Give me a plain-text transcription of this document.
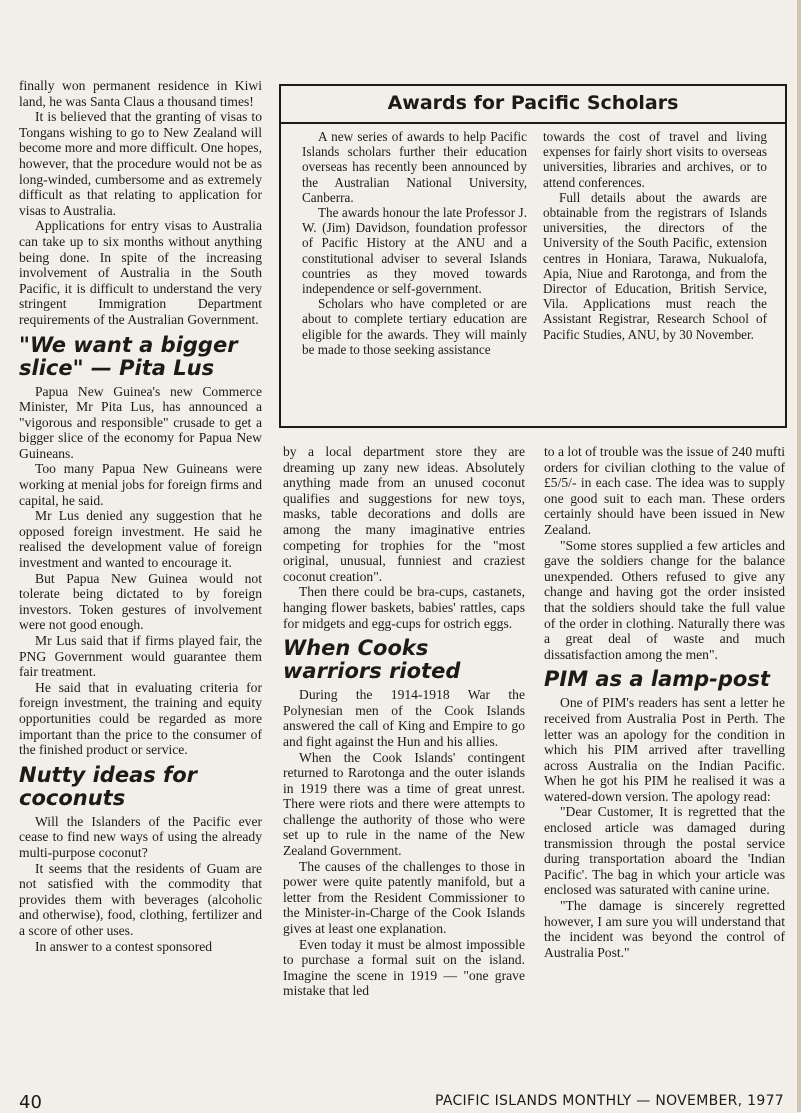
finally won permanent residence in Kiwi land, he was Santa Claus a thousand times!

It is believed that the granting of visas to Tongans wishing to go to New Zealand will become more and more difficult. One hopes, however, that the procedure would not be as long-winded, cumbersome and as extremely difficult as that relating to application for visas to Australia.

Applications for entry visas to Australia can take up to six months without anything being done. In spite of the increasing involvement of Australia in the South Pacific, it is difficult to understand the very stringent Immigration Department requirements of the Australian Government.

"We want a bigger slice" — Pita Lus

Papua New Guinea's new Commerce Minister, Mr Pita Lus, has announced a "vigorous and responsible" crusade to get a bigger slice of the economy for Papua New Guineans.

Too many Papua New Guineans were working at menial jobs for foreign firms and capital, he said.

Mr Lus denied any suggestion that he opposed foreign investment. He said he realised the development value of foreign investment and wanted to encourage it.

But Papua New Guinea would not tolerate being dictated to by foreign investors. Token gestures of involvement were not good enough.

Mr Lus said that if firms played fair, the PNG Government would guarantee them fair treatment.

He said that in evaluating criteria for foreign investment, the training and equity opportunities could be regarded as more important than the price to the consumer of the finished product or service.

Nutty ideas for coconuts

Will the Islanders of the Pacific ever cease to find new ways of using the already multi-purpose coconut?

It seems that the residents of Guam are not satisfied with the commodity that provides them with beverages (alcoholic and otherwise), food, clothing, fertilizer and a score of other uses.

In answer to a contest sponsored

Awards for Pacific Scholars

A new series of awards to help Pacific Islands scholars further their education overseas has recently been announced by the Australian National University, Canberra.

The awards honour the late Professor J. W. (Jim) Davidson, foundation professor of Pacific History at the ANU and a constitutional adviser to several Islands countries as they moved towards independence or self-government.

Scholars who have completed or are about to complete tertiary education are eligible for the awards. They will mainly be made to those seeking assistance

towards the cost of travel and living expenses for fairly short visits to overseas universities, libraries and archives, or to attend conferences.

Full details about the awards are obtainable from the registrars of Islands universities, the directors of the University of the South Pacific, extension centres in Honiara, Tarawa, Nukualofa, Apia, Niue and Rarotonga, and from the Director of Education, British Service, Vila. Applications must reach the Assistant Registrar, Research School of Pacific Studies, ANU, by 30 November.

by a local department store they are dreaming up zany new ideas. Absolutely anything made from an unused coconut qualifies and suggestions for new toys, masks, table decorations and dolls are among the many imaginative entries competing for trophies for the "most original, unusual, funniest and craziest coconut creation".

Then there could be bra-cups, castanets, hanging flower baskets, babies' rattles, caps for midgets and egg-cups for ostrich eggs.

When Cooks warriors rioted

During the 1914-1918 War the Polynesian men of the Cook Islands answered the call of King and Empire to go and fight against the Hun and his allies.

When the Cook Islands' contingent returned to Rarotonga and the outer islands in 1919 there was a time of great unrest. There were riots and there were attempts to challenge the authority of those who were set up to rule in the name of the New Zealand Government.

The causes of the challenges to those in power were quite patently manifold, but a letter from the Resident Commissioner to the Minister-in-Charge of the Cook Islands gives at least one explanation.

Even today it must be almost impossible to purchase a formal suit on the island. Imagine the scene in 1919 — "one grave mistake that led

to a lot of trouble was the issue of 240 mufti orders for civilian clothing to the value of £5/5/- in each case. The idea was to supply one good suit to each man. These orders certainly should have been issued in New Zealand.

"Some stores supplied a few articles and gave the soldiers change for the balance unexpended. Others refused to give any change and having got the order insisted that the soldiers should take the full value of the order in clothing. Naturally there was a great deal of waste and much dissatisfaction among the men".

PIM as a lamp-post

One of PIM's readers has sent a letter he received from Australia Post in Perth. The letter was an apology for the condition in which his PIM arrived after travelling across Australia on the Indian Pacific. When he got his PIM he realised it was a watered-down version. The apology read:

"Dear Customer, It is regretted that the enclosed article was damaged during transmission through the postal service during transportation aboard the 'Indian Pacific'. The bag in which your article was enclosed was saturated with canine urine.

"The damage is sincerely regretted however, I am sure you will understand that the incident was beyond the control of Australia Post."

40	PACIFIC ISLANDS MONTHLY — NOVEMBER, 1977
